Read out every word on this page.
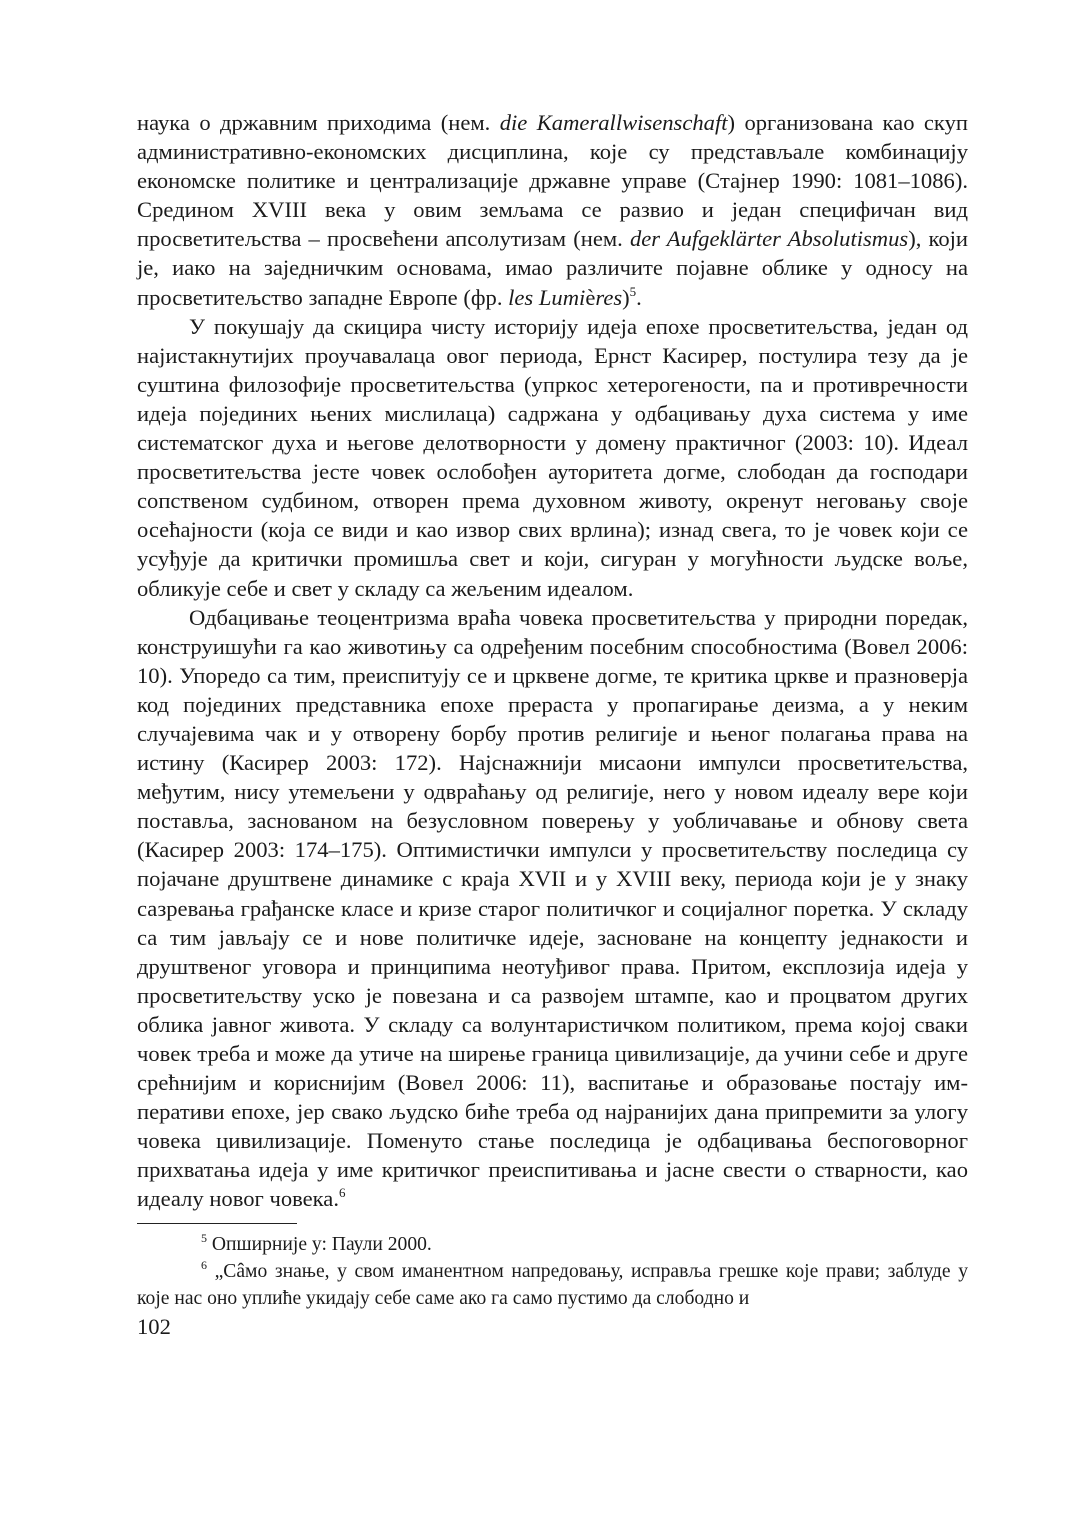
наука о државним приходима (нем. die Kamerallwisenschaft) организована као скуп административно-економских дисциплина, које су представљале комбинацију економске политике и централизације државне управе (Стајнер 1990: 1081–1086). Средином XVIII века у овим земљама се развио и један специфичан вид просветитељства – просвећени апсолутизам (нем. der Aufgeklärter Absolutismus), који је, иако на заједничким основама, имао различите појавне облике у односу на просветитељство западне Европе (фр. les Lumières)$^5$.

У покушају да скицира чисту историју идеја епохе просветитељства, један од најистакнутијих проучавалаца овог периода, Ернст Касирер, постулира тезу да је суштина филозофије просветитељства (упркос хетерогености, па и противречности идеја појединих њених мислилаца) садржана у одбацивању духа система у име систематског духа и његове делотворности у домену практичног (2003: 10). Идеал просветитељства јесте човек ослобођен ауторитета догме, слободан да господари сопственом судбином, отворен према духовном животу, окренут неговању своје осећајности (која се види и као извор свих врлина); изнад свега, то је човек који се усуђује да критички промишља свет и који, сигуран у могућности људске воље, обликује себе и свет у складу са жељеним идеалом.

Одбацивање теоцентризма враћа човека просветитељства у природни поредак, конструишући га као животињу са одређеним посебним способностима (Вовел 2006: 10). Упоредо са тим, преиспитују се и црквене догме, те критика цркве и празноверја код појединих представника епохе прераста у пропагирање деизма, а у неким случајевима чак и у отворену борбу против религије и њеног полагања права на истину (Касирер 2003: 172). Најснажнији мисаони импулси просветитељства, међутим, нису утемељени у одвраћању од религије, него у новом идеалу вере који поставља, заснованом на безусловном поверењу у уобличавање и обнову света (Касирер 2003: 174–175). Оптимистички импулси у просветитељству последица су појачане друштвене динамике с краја XVII и у XVIII веку, периода који је у знаку сазревања грађанске класе и кризе старог политичког и социјалног поретка. У складу са тим јављају се и нове политичке идеје, засноване на концепту једнакости и друштвеног уговора и принципима неотуђивог права. Притом, експлозија идеја у просветитељству уско је повезана и са развојем штампе, као и процватом других облика јавног живота. У складу са волунтаристичком политиком, према којој сваки човек треба и може да утиче на ширење граница цивилизације, да учини себе и друге срећнијим и кориснијим (Вовел 2006: 11), васпитање и образовање постају императиви епохе, јер свако људско биће треба од најранијих дана припремити за улогу човека цивилизације. Поменуто стање последица је одбацивања беспоговорног прихватања идеја у име критичког преиспитивања и јасне свести о стварности, као идеалу новог човека.$^6$

$^5$ Опширније у: Паули 2000.

$^6$ „Сâмо знање, у свом иманентном напредовању, исправља грешке које прави; заблуде у које нас оно уплиће укидају себе саме ако га само пустимо да слободно и

102
